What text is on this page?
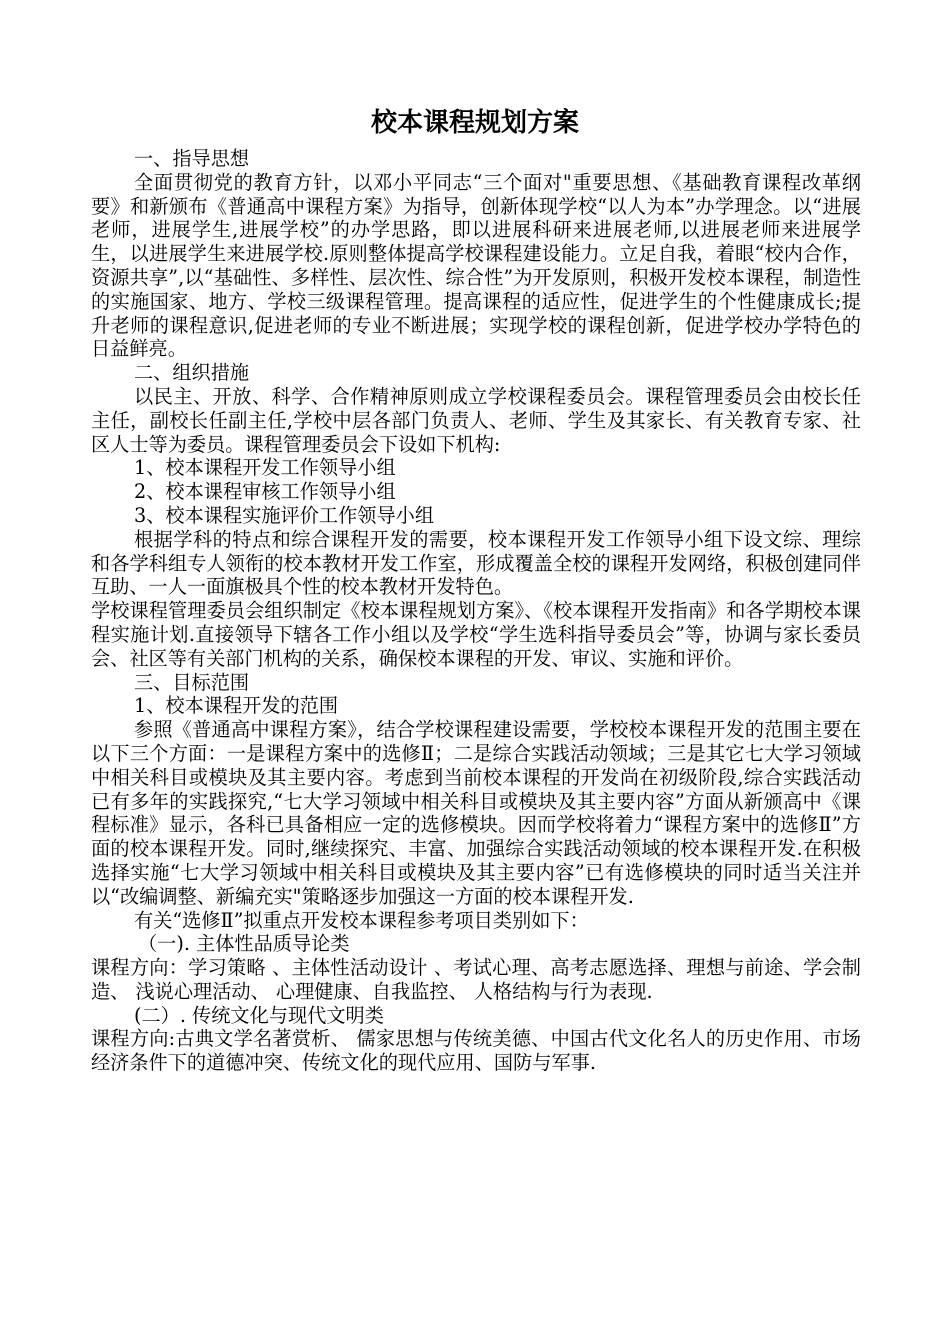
校本课程规划方案

一、指导思想

全面贯彻党的教育方针，以邓小平同志“三个面对"重要思想、《基础教育课程改革纲要》和新颁布《普通高中课程方案》为指导，创新体现学校“以人为本”办学理念。以“进展老师，进展学生,进展学校”的办学思路，即以进展科研来进展老师,以进展老师来进展学生，以进展学生来进展学校.原则整体提高学校课程建设能力。立足自我，着眼“校内合作，资源共享”,以“基础性、多样性、层次性、综合性”为开发原则，积极开发校本课程，制造性的实施国家、地方、学校三级课程管理。提高课程的适应性，促进学生的个性健康成长;提升老师的课程意识,促进老师的专业不断进展；实现学校的课程创新，促进学校办学特色的日益鲜亮。

二、组织措施

以民主、开放、科学、合作精神原则成立学校课程委员会。课程管理委员会由校长任主任，副校长任副主任,学校中层各部门负责人、老师、学生及其家长、有关教育专家、社区人士等为委员。课程管理委员会下设如下机构:

1、校本课程开发工作领导小组

2、校本课程审核工作领导小组

3、校本课程实施评价工作领导小组

根据学科的特点和综合课程开发的需要，校本课程开发工作领导小组下设文综、理综和各学科组专人领衔的校本教材开发工作室，形成覆盖全校的课程开发网络，积极创建同伴互助、一人一面旗极具个性的校本教材开发特色。

学校课程管理委员会组织制定《校本课程规划方案》、《校本课程开发指南》和各学期校本课程实施计划.直接领导下辖各工作小组以及学校“学生选科指导委员会”等，协调与家长委员会、社区等有关部门机构的关系，确保校本课程的开发、审议、实施和评价。

三、目标范围

1、校本课程开发的范围

参照《普通高中课程方案》，结合学校课程建设需要，学校校本课程开发的范围主要在以下三个方面：一是课程方案中的选修Ⅱ；二是综合实践活动领域；三是其它七大学习领域中相关科目或模块及其主要内容。考虑到当前校本课程的开发尚在初级阶段,综合实践活动已有多年的实践探究,“七大学习领域中相关科目或模块及其主要内容”方面从新颁高中《课程标准》显示，各科已具备相应一定的选修模块。因而学校将着力“课程方案中的选修Ⅱ”方面的校本课程开发。同时,继续探究、丰富、加强综合实践活动领域的校本课程开发.在积极选择实施“七大学习领域中相关科目或模块及其主要内容”已有选修模块的同时适当关注并以“改编调整、新编充实"策略逐步加强这一方面的校本课程开发.

有关“选修Ⅱ”拟重点开发校本课程参考项目类别如下：

（一). 主体性品质导论类

课程方向：学习策略 、主体性活动设计 、考试心理、高考志愿选择、理想与前途、学会制造、 浅说心理活动、 心理健康、自我监控、 人格结构与行为表现.

(二）. 传统文化与现代文明类

课程方向:古典文学名著赏析、 儒家思想与传统美德、中国古代文化名人的历史作用、市场经济条件下的道德冲突、传统文化的现代应用、国防与军事.
